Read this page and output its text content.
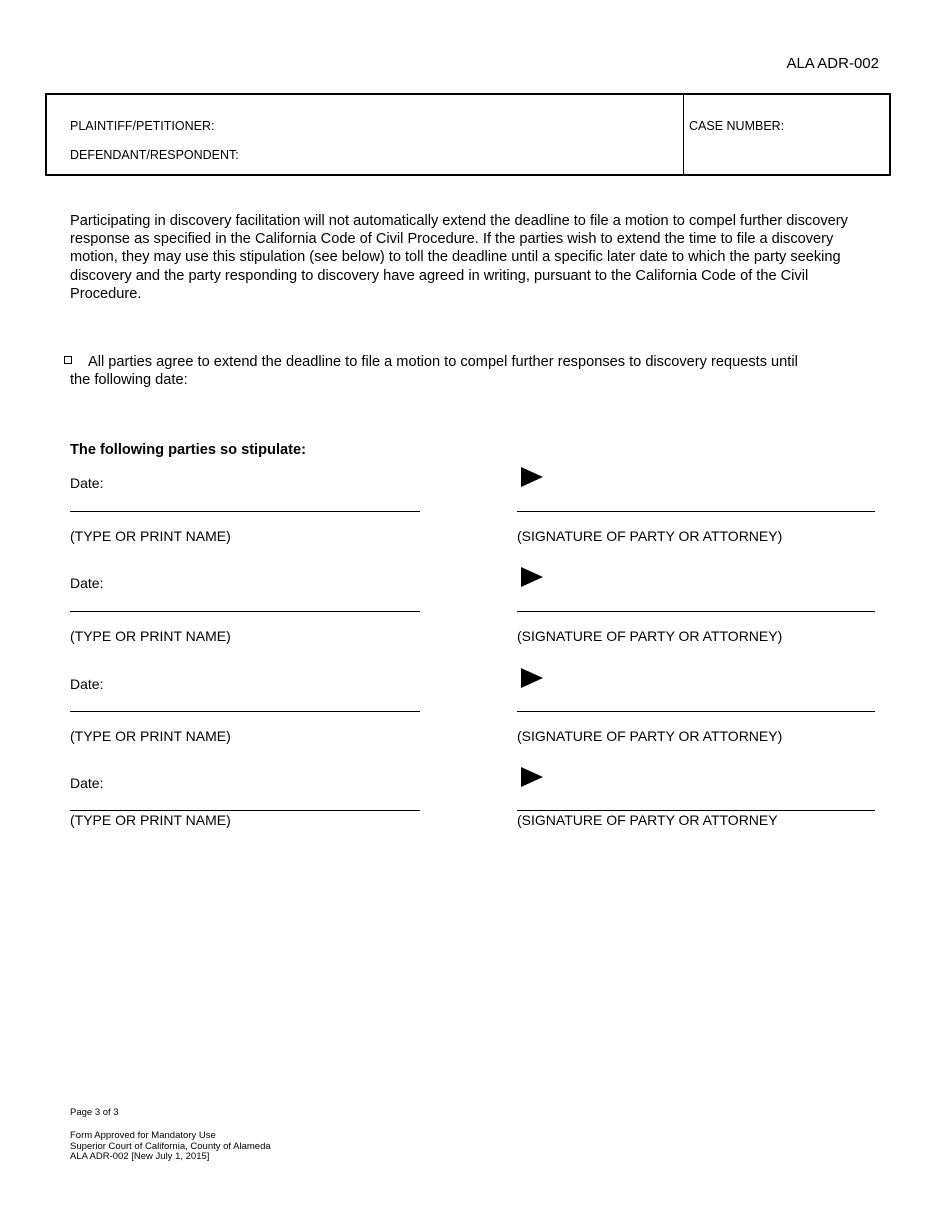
ALA ADR-002
PLAINTIFF/PETITIONER:
DEFENDANT/RESPONDENT:
CASE NUMBER:
Participating in discovery facilitation will not automatically extend the deadline to file a motion to compel further discovery response as specified in the California Code of Civil Procedure. If the parties wish to extend the time to file a discovery motion, they may use this stipulation (see below) to toll the deadline until a specific later date to which the party seeking discovery and the party responding to discovery have agreed in writing, pursuant to the California Code of the Civil Procedure.
All parties agree to extend the deadline to file a motion to compel further responses to discovery requests until
the following date:
The following parties so stipulate:
Date:
(TYPE OR PRINT NAME)	(SIGNATURE OF PARTY OR ATTORNEY)
Date:
(TYPE OR PRINT NAME)	(SIGNATURE OF PARTY OR ATTORNEY)
Date:
(TYPE OR PRINT NAME)	(SIGNATURE OF PARTY OR ATTORNEY)
Date:
(TYPE OR PRINT NAME)	(SIGNATURE OF PARTY OR ATTORNEY
Page 3 of 3
Form Approved for Mandatory Use
Superior Court of California, County of Alameda
ALA ADR-002 [New July 1, 2015]
